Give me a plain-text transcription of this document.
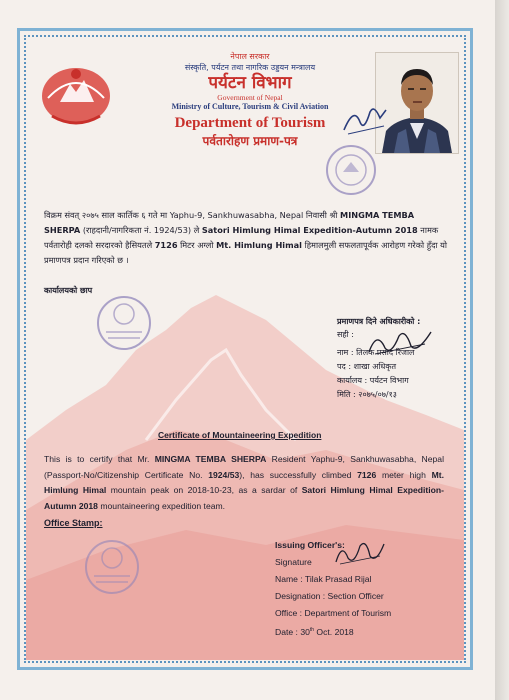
नेपाल सरकार
संस्कृति, पर्यटन तथा नागरिक उड्डयन मन्त्रालय
पर्यटन विभाग
Government of Nepal
Ministry of Culture, Tourism & Civil Aviation
Department of Tourism
पर्वतारोहण प्रमाण-पत्र
विक्रम संवत् २०७५ साल कार्तिक ६ गते मा Yaphu-9, Sankhuwasabha, Nepal निवासी श्री MINGMA TEMBA SHERPA (राहदानी/नागरिकता नं. 1924/53) ले Satori Himlung Himal Expedition-Autumn 2018 नामक पर्वतारोही दलको सरदारको हैसियतले 7126 मिटर अग्लो Mt. Himlung Himal हिमालमुली सफलतापूर्वक आरोहण गरेको हुँदा यो प्रमाणपत्र प्रदान गरिएको छ ।
कार्यालयको छाप
प्रमाणपत्र दिने अधिकारीको :
सही :
नाम : तिलक प्रसाद रिजाल
पद : शाखा अधिकृत
कार्यालय : पर्यटन विभाग
मिति : २०७५/०७/१३
Certificate of Mountaineering Expedition
This is to certify that Mr. MINGMA TEMBA SHERPA Resident Yaphu-9, Sankhuwasabha, Nepal (Passport-No/Citizenship Certificate No. 1924/53), has successfully climbed 7126 meter high Mt. Himlung Himal mountain peak on 2018-10-23, as a sardar of Satori Himlung Himal Expedition-Autumn 2018 mountaineering expedition team.
Office Stamp:
Issuing Officer's:
Signature
Name : Tilak Prasad Rijal
Designation : Section Officer
Office : Department of Tourism
Date : 30th Oct. 2018
